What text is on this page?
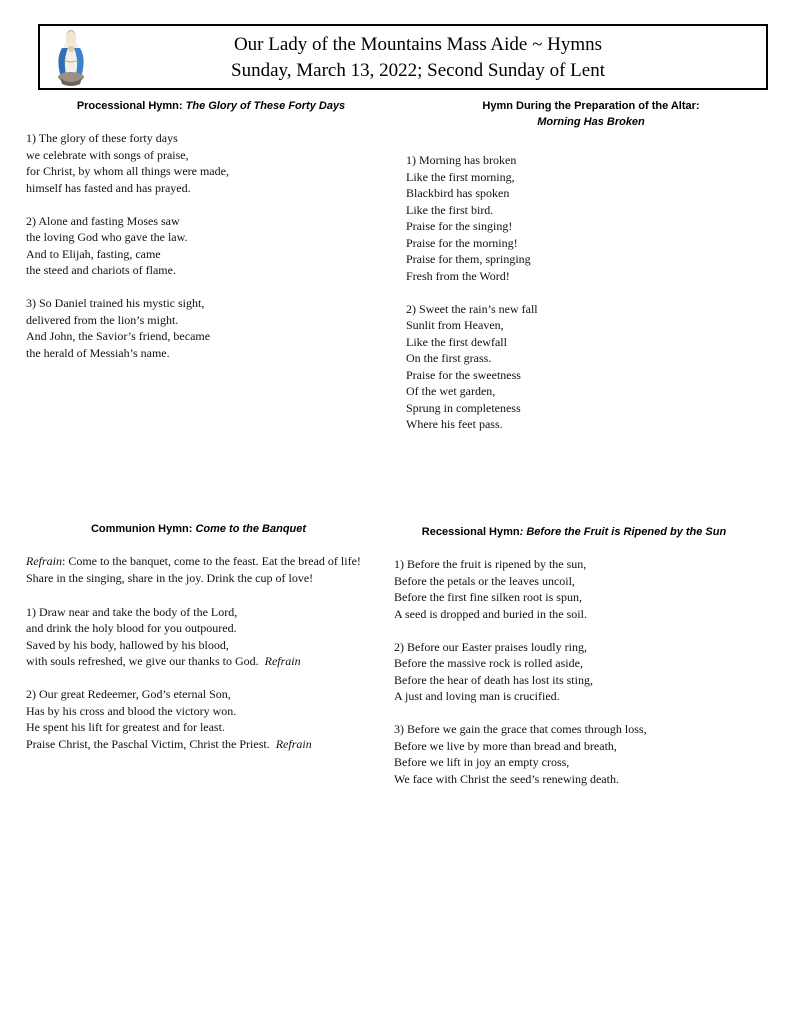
Our Lady of the Mountains Mass Aide ~ Hymns
Sunday, March 13, 2022; Second Sunday of Lent
Processional Hymn: The Glory of These Forty Days
1) The glory of these forty days
we celebrate with songs of praise,
for Christ, by whom all things were made,
himself has fasted and has prayed.
2) Alone and fasting Moses saw
the loving God who gave the law.
And to Elijah, fasting, came
the steed and chariots of flame.
3) So Daniel trained his mystic sight,
delivered from the lion’s might.
And John, the Savior’s friend, became
the herald of Messiah’s name.
Hymn During the Preparation of the Altar:
Morning Has Broken
1) Morning has broken
Like the first morning,
Blackbird has spoken
Like the first bird.
Praise for the singing!
Praise for the morning!
Praise for them, springing
Fresh from the Word!
2) Sweet the rain’s new fall
Sunlit from Heaven,
Like the first dewfall
On the first grass.
Praise for the sweetness
Of the wet garden,
Sprung in completeness
Where his feet pass.
Communion Hymn: Come to the Banquet
Refrain: Come to the banquet, come to the feast. Eat the bread of life! Share in the singing, share in the joy. Drink the cup of love!
1) Draw near and take the body of the Lord,
and drink the holy blood for you outpoured.
Saved by his body, hallowed by his blood,
with souls refreshed, we give our thanks to God. Refrain
2) Our great Redeemer, God’s eternal Son,
Has by his cross and blood the victory won.
He spent his lift for greatest and for least.
Praise Christ, the Paschal Victim, Christ the Priest. Refrain
Recessional Hymn: Before the Fruit is Ripened by the Sun
1) Before the fruit is ripened by the sun,
Before the petals or the leaves uncoil,
Before the first fine silken root is spun,
A seed is dropped and buried in the soil.
2) Before our Easter praises loudly ring,
Before the massive rock is rolled aside,
Before the hear of death has lost its sting,
A just and loving man is crucified.
3) Before we gain the grace that comes through loss,
Before we live by more than bread and breath,
Before we lift in joy an empty cross,
We face with Christ the seed’s renewing death.
